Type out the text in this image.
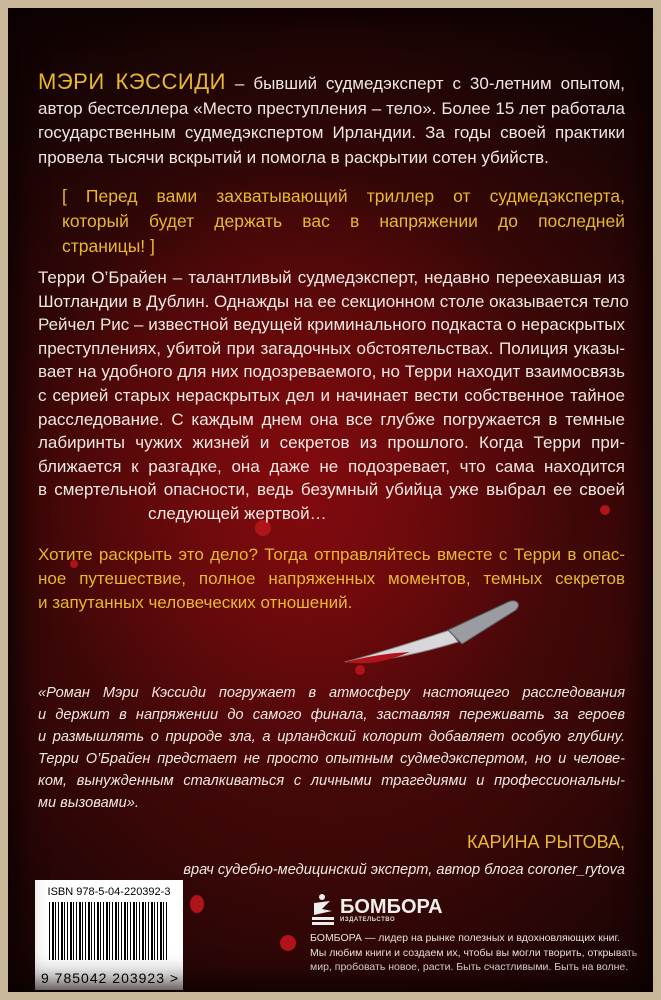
МЭРИ КЭССИДИ – бывший судмедэксперт с 30-летним опытом,
автор бестселлера «Место преступления – тело». Более 15 лет работала
государственным судмедэкспертом Ирландии. За годы своей практики
провела тысячи вскрытий и помогла в раскрытии сотен убийств.
[ Перед вами захватывающий триллер от судмедэксперта,
который будет держать вас в напряжении до последней
страницы! ]
Терри О’Брайен – талантливый судмедэксперт, недавно переехавшая из
Шотландии в Дублин. Однажды на ее секционном столе оказывается тело
Рейчел Рис – известной ведущей криминального подкаста о нераскрытых
преступлениях, убитой при загадочных обстоятельствах. Полиция указы-
вает на удобного для них подозреваемого, но Терри находит взаимосвязь
с серией старых нераскрытых дел и начинает вести собственное тайное
расследование. С каждым днем она все глубже погружается в темные
лабиринты чужих жизней и секретов из прошлого. Когда Терри при-
ближается к разгадке, она даже не подозревает, что сама находится
в смертельной опасности, ведь безумный убийца уже выбрал ее своей
следующей жертвой…
Хотите раскрыть это дело? Тогда отправляйтесь вместе с Терри в опас-
ное путешествие, полное напряженных моментов, темных секретов
и запутанных человеческих отношений.
«Роман Мэри Кэссиди погружает в атмосферу настоящего расследования
и держит в напряжении до самого финала, заставляя переживать за героев
и размышлять о природе зла, а ирландский колорит добавляет особую глубину.
Терри О’Брайен предстает не просто опытным судмедэкспертом, но и челове-
ком, вынужденным сталкиваться с личными трагедиями и профессиональны-
ми вызовами».
КАРИНА РЫТОВА,
врач судебно-медицинский эксперт, автор блога coroner_rytova
ISBN 978-5-04-220392-3
9 785042 203923 >
БОМБОРА
ИЗДАТЕЛЬСТВО
БОМБОРА — лидер на рынке полезных и вдохновляющих книг.
Мы любим книги и создаем их, чтобы вы могли творить, открывать
мир, пробовать новое, расти. Быть счастливыми. Быть на волне.
